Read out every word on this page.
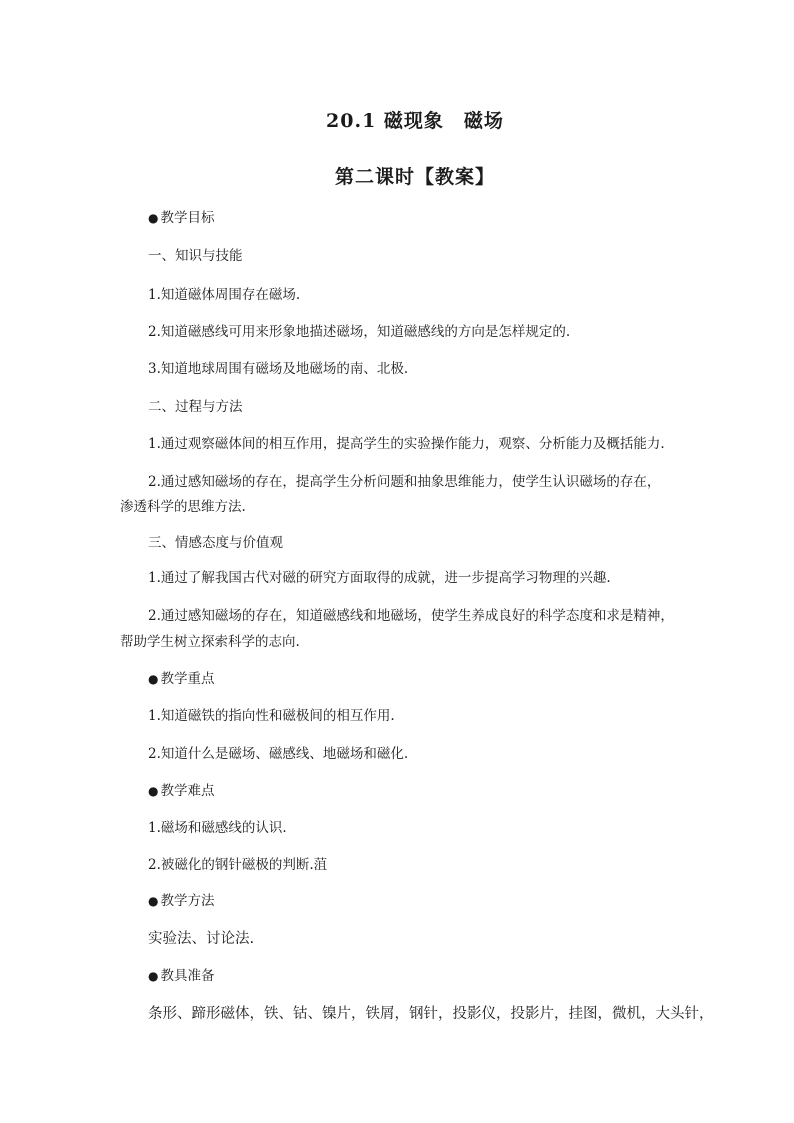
20.1 磁现象　磁场
第二课时【教案】
● 教学目标
一、知识与技能
1.知道磁体周围存在磁场.
2.知道磁感线可用来形象地描述磁场，知道磁感线的方向是怎样规定的.
3.知道地球周围有磁场及地磁场的南、北极.
二、过程与方法
1.通过观察磁体间的相互作用，提高学生的实验操作能力，观察、分析能力及概括能力.
2.通过感知磁场的存在，提高学生分析问题和抽象思维能力，使学生认识磁场的存在，
渗透科学的思维方法.
三、情感态度与价值观
1.通过了解我国古代对磁的研究方面取得的成就，进一步提高学习物理的兴趣.
2.通过感知磁场的存在，知道磁感线和地磁场，使学生养成良好的科学态度和求是精神，
帮助学生树立探索科学的志向.
● 教学重点
1.知道磁铁的指向性和磁极间的相互作用.
2.知道什么是磁场、磁感线、地磁场和磁化.
● 教学难点
1.磁场和磁感线的认识.
2.被磁化的钢针磁极的判断.菹
● 教学方法
实验法、讨论法.
● 教具准备
条形、蹄形磁体，铁、钴、镍片，铁屑，钢针，投影仪，投影片，挂图，微机，大头针，
